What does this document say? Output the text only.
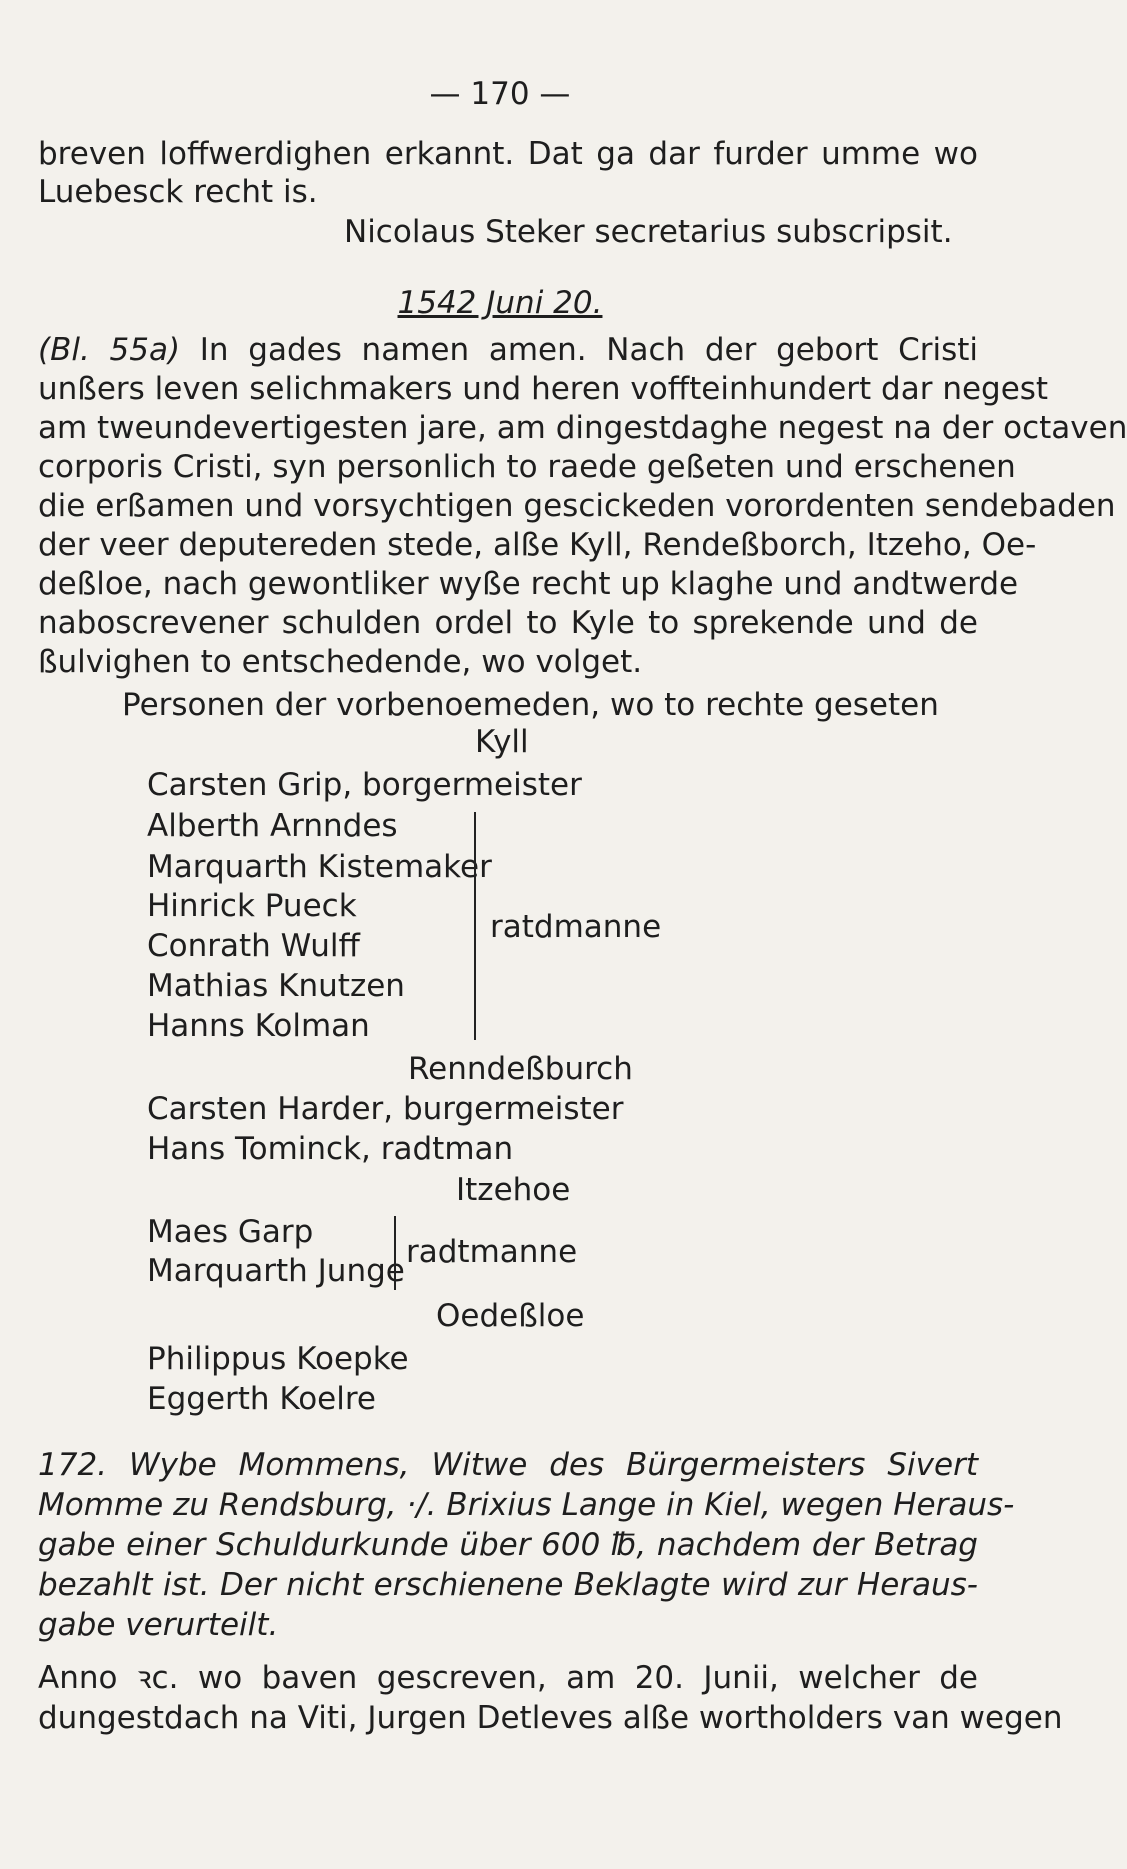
— 170 —
breven loffwerdighen erkannt. Dat ga dar furder umme wo
Luebesck recht is.
Nicolaus Steker secretarius subscripsit.
1542 Juni 20.
(Bl. 55a) In gades namen amen. Nach der gebort Cristi
unßers leven selichmakers und heren voffteinhundert dar negest
am tweundevertigesten jare, am dingestdaghe negest na der octaven
corporis Cristi, syn personlich to raede geßeten und erschenen
die erßamen und vorsychtigen gescickeden vorordenten sendebaden
der veer deputereden stede, alße Kyll, Rendeßborch, Itzeho, Oe-
deßloe, nach gewontliker wyße recht up klaghe und andtwerde
naboscrevener schulden ordel to Kyle to sprekende und de
ßulvighen to entschedende, wo volget.
Personen der vorbenoemeden, wo to rechte geseten
Kyll
Carsten Grip, borgermeister
Alberth Arnndes
Marquarth Kistemaker
Hinrick Pueck
Conrath Wulff
Mathias Knutzen
Hanns Kolman
ratdmanne
Renndeßburch
Carsten Harder, burgermeister
Hans Tominck, radtman
Itzehoe
Maes Garp
Marquarth Junge
radtmanne
Oedeßloe
Philippus Koepke
Eggerth Koelre
172. Wybe Mommens, Witwe des Bürgermeisters Sivert
Momme zu Rendsburg, ·/. Brixius Lange in Kiel, wegen Heraus-
gabe einer Schuldurkunde über 600 ℔, nachdem der Betrag
bezahlt ist. Der nicht erschienene Beklagte wird zur Heraus-
gabe verurteilt.
Anno ꝛc. wo baven gescreven, am 20. Junii, welcher de
dungestdach na Viti, Jurgen Detleves alße wortholders van wegen
